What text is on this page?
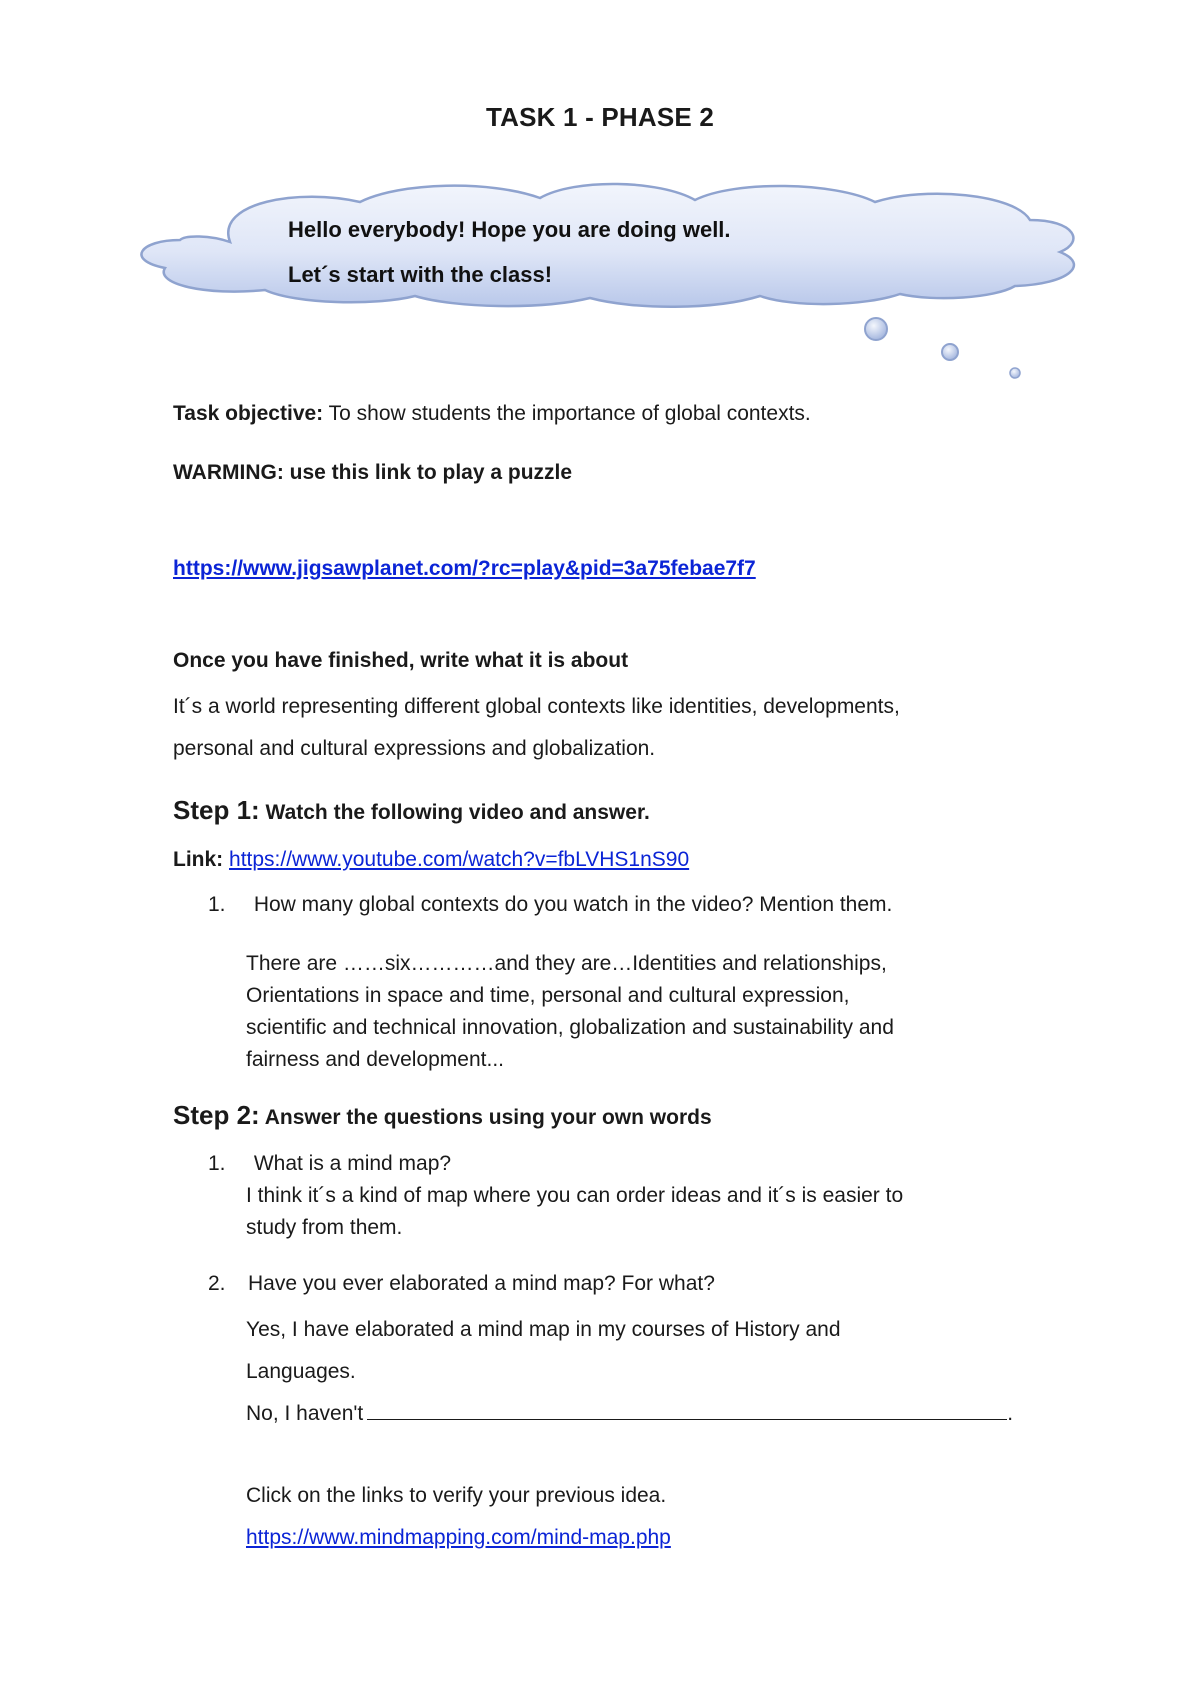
TASK 1 - PHASE 2
Hello everybody! Hope you are doing well.
Let´s start with the class!
Task objective: To show students the importance of global contexts.
WARMING: use this link to play a puzzle
https://www.jigsawplanet.com/?rc=play&pid=3a75febae7f7
Once you have finished, write what it is about
It´s a world representing different global contexts like identities, developments,
personal and cultural expressions and globalization.
Step 1: Watch the following video and answer.
Link: https://www.youtube.com/watch?v=fbLVHS1nS90
1. How many global contexts do you watch in the video? Mention them.
There are ……six…………and they are…Identities and relationships,
Orientations in space and time, personal and cultural expression,
scientific and technical innovation, globalization and sustainability and
fairness and development...
Step 2: Answer the questions using your own words
1. What is a mind map?
I think it´s a kind of map where you can order ideas and it´s is easier to
study from them.
2. Have you ever elaborated a mind map? For what?
Yes, I have elaborated a mind map in my courses of History and
Languages.
No, I haven't	.
Click on the links to verify your previous idea.
https://www.mindmapping.com/mind-map.php
